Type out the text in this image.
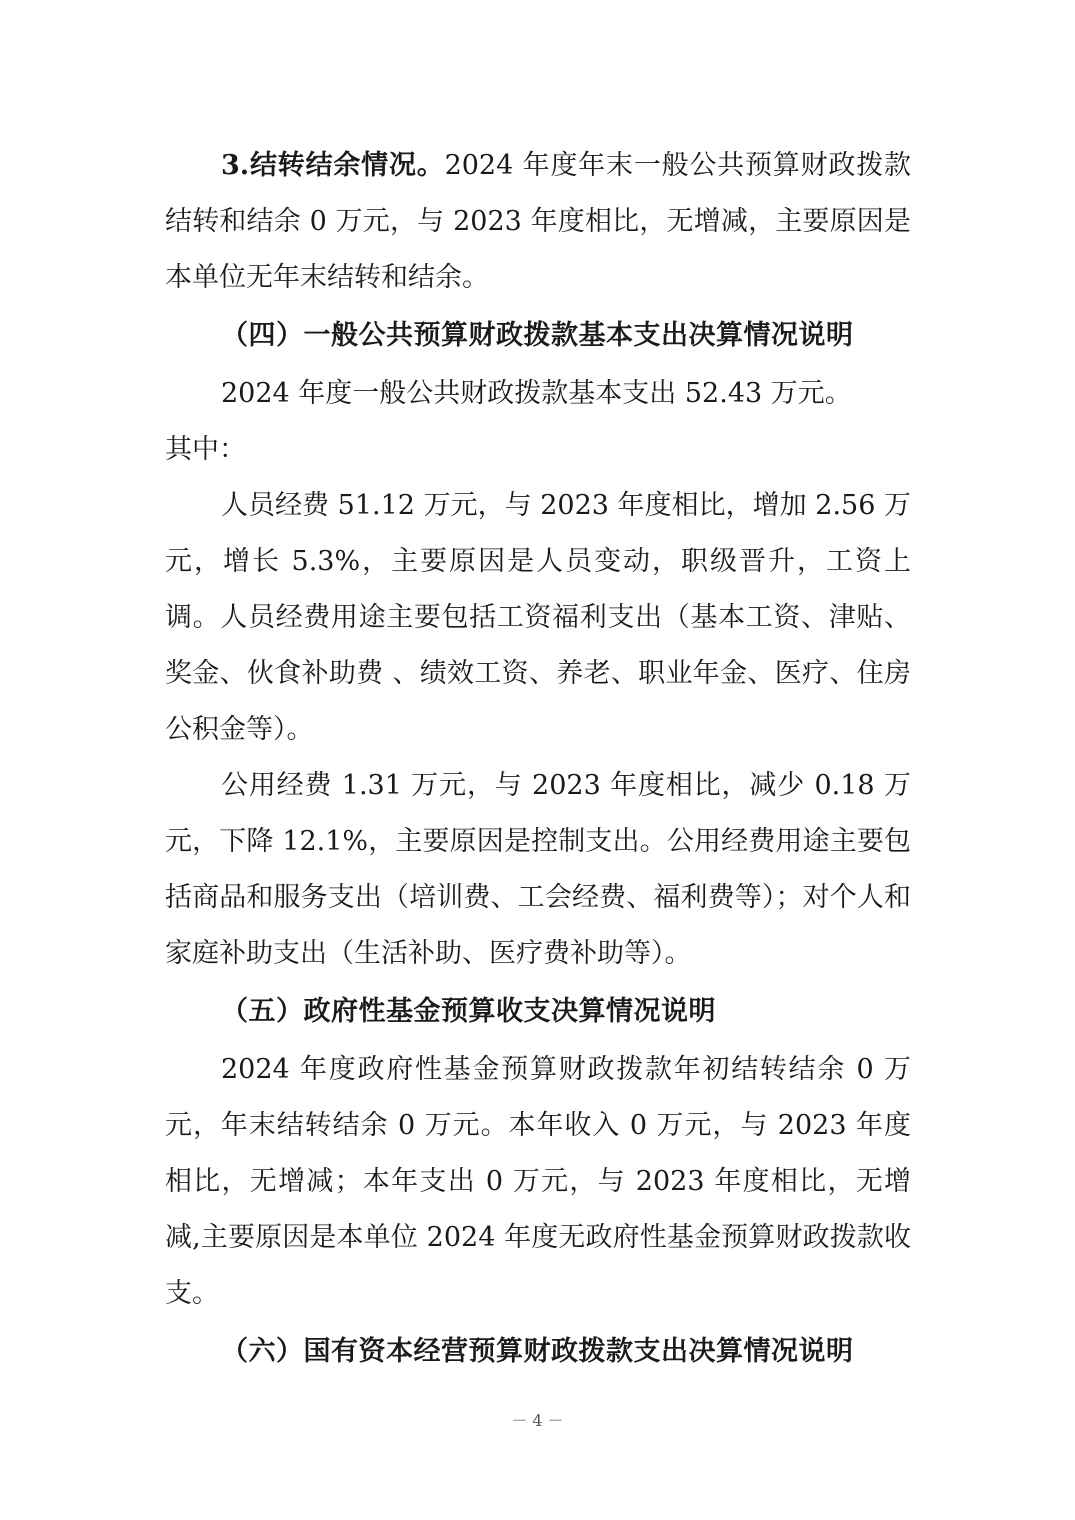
3.结转结余情况。2024 年度年末一般公共预算财政拨款结转和结余 0 万元，与 2023 年度相比，无增减，主要原因是本单位无年末结转和结余。

（四）一般公共预算财政拨款基本支出决算情况说明

2024 年度一般公共财政拨款基本支出 52.43 万元。

其中：

人员经费 51.12 万元，与 2023 年度相比，增加 2.56 万元，增长 5.3%，主要原因是人员变动，职级晋升，工资上调。人员经费用途主要包括工资福利支出（基本工资、津贴、奖金、伙食补助费 、绩效工资、养老、职业年金、医疗、住房公积金等）。

公用经费 1.31 万元，与 2023 年度相比，减少 0.18 万元，下降 12.1%，主要原因是控制支出。公用经费用途主要包括商品和服务支出（培训费、工会经费、福利费等）；对个人和家庭补助支出（生活补助、医疗费补助等）。

（五）政府性基金预算收支决算情况说明

2024 年度政府性基金预算财政拨款年初结转结余 0 万元，年末结转结余 0 万元。本年收入 0 万元，与 2023 年度相比，无增减；本年支出 0 万元，与 2023 年度相比，无增减,主要原因是本单位 2024 年度无政府性基金预算财政拨款收支。

（六）国有资本经营预算财政拨款支出决算情况说明

－ 4 －
